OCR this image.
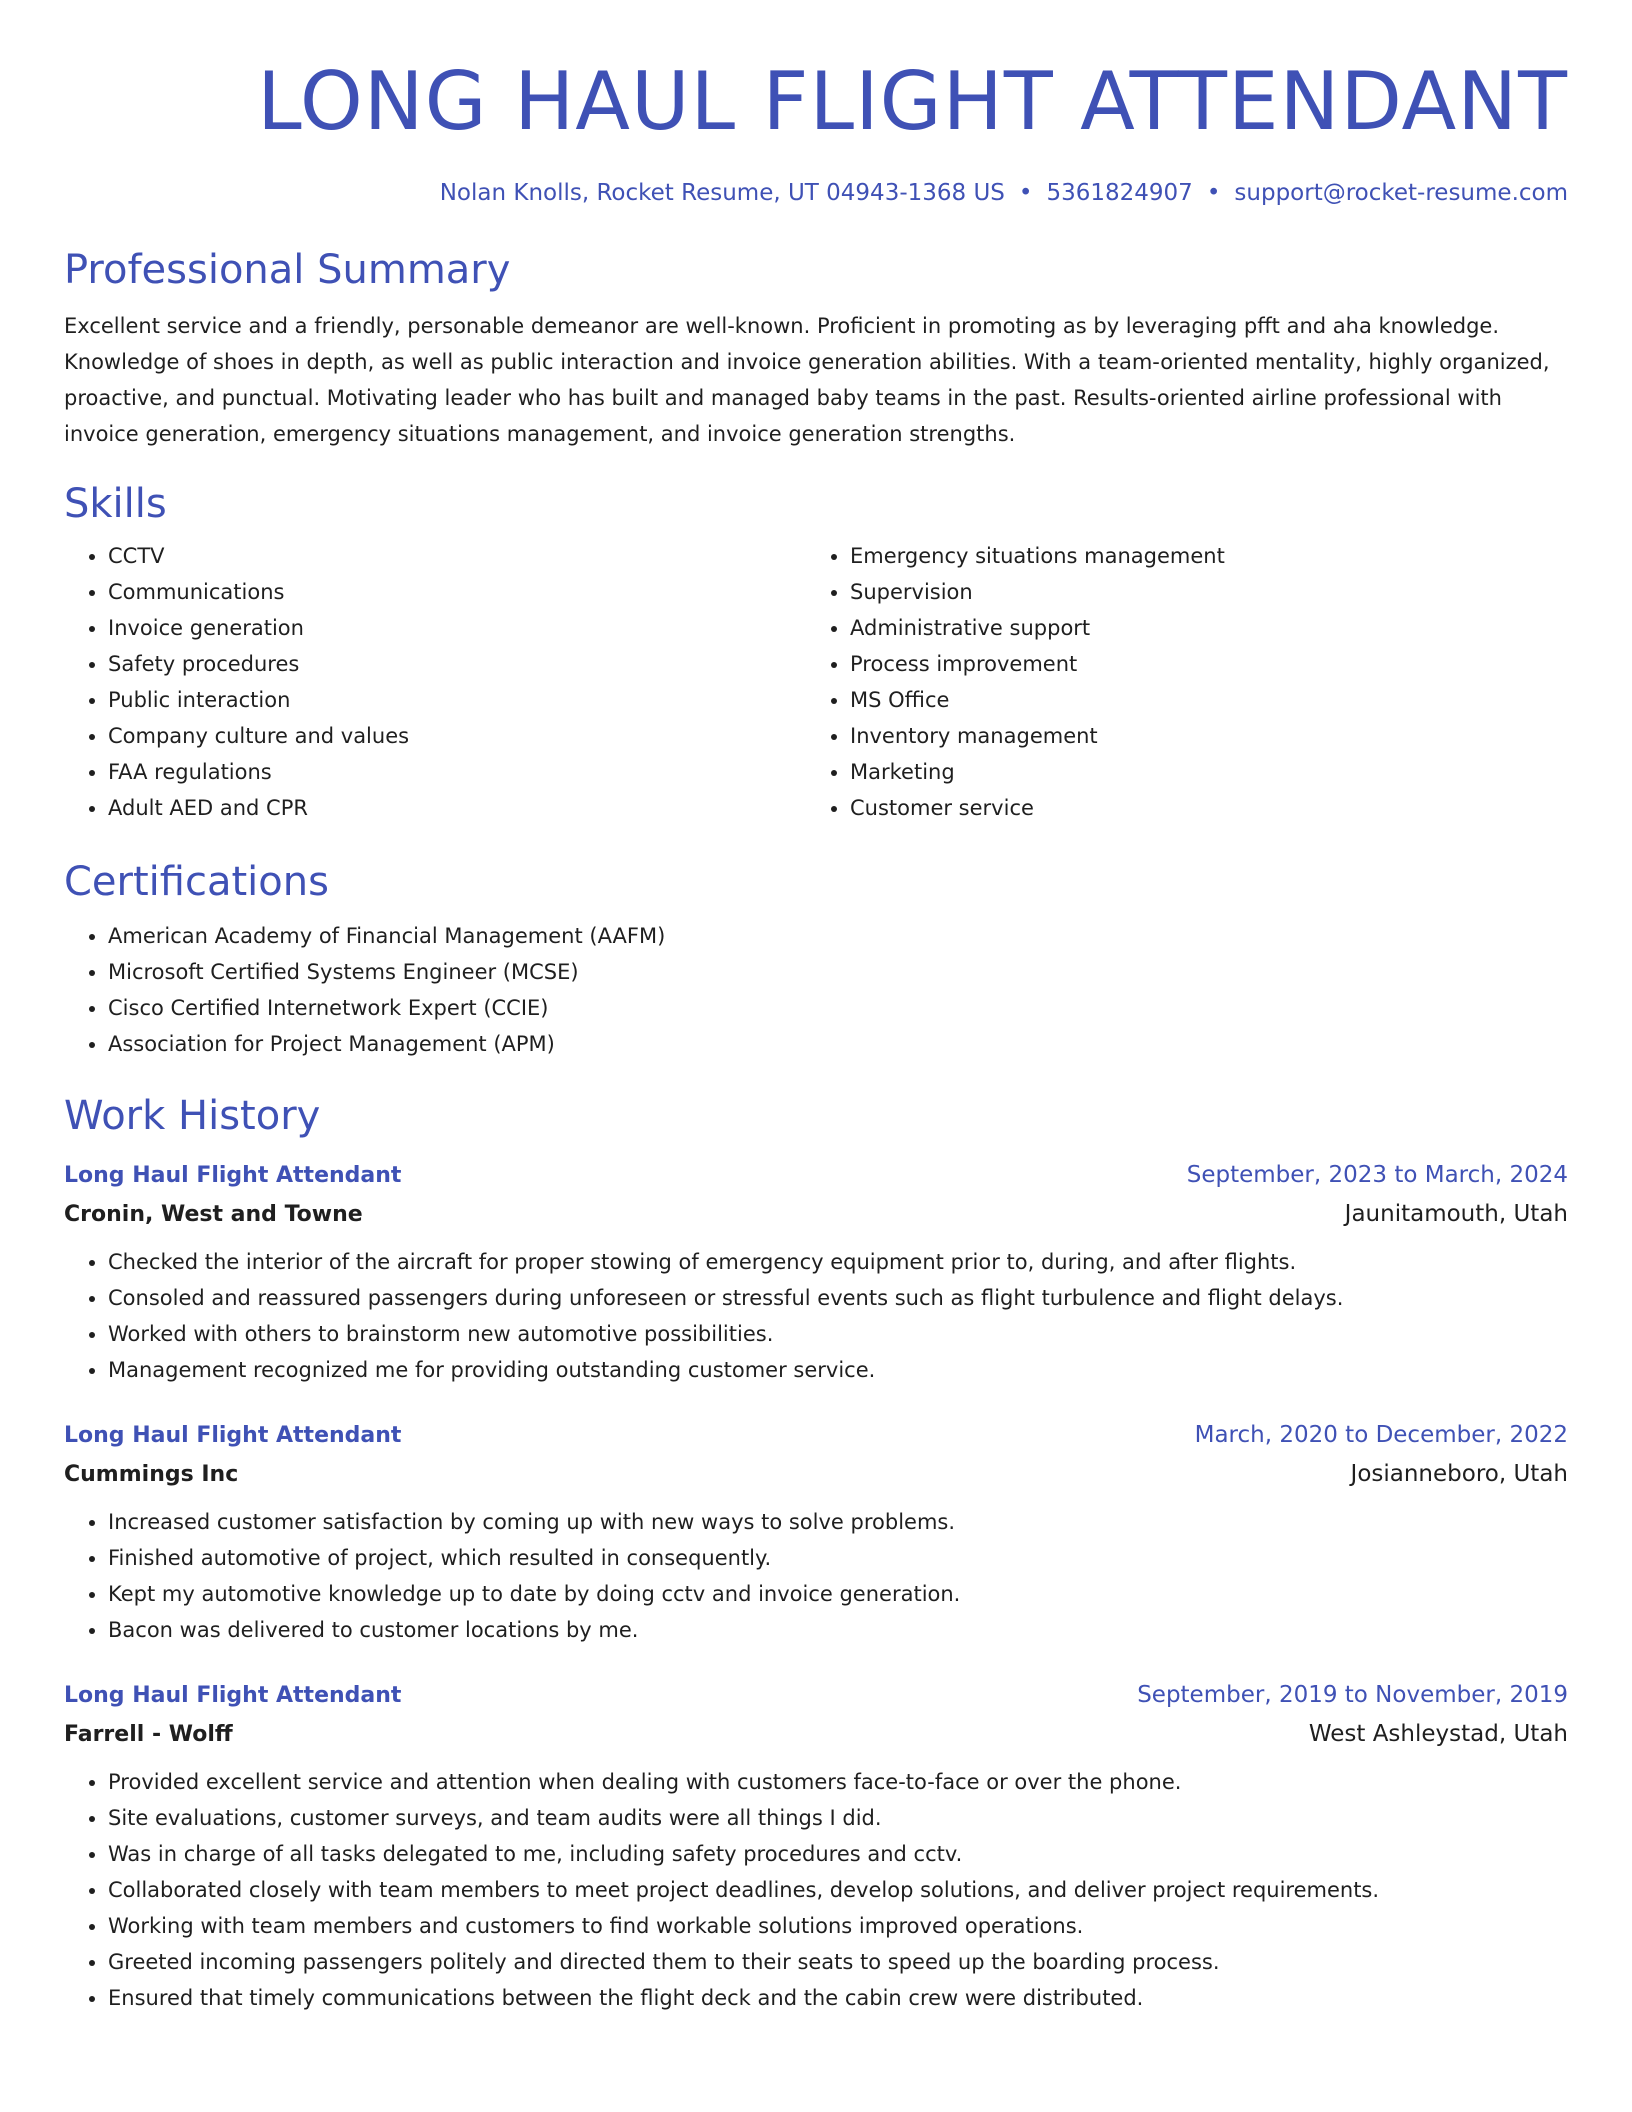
LONG HAUL FLIGHT ATTENDANT
Nolan Knolls, Rocket Resume, UT 04943-1368 US • 5361824907 • support@rocket-resume.com
Professional Summary

Excellent service and a friendly, personable demeanor are well-known. Proficient in promoting as by leveraging pfft and aha knowledge. Knowledge of shoes in depth, as well as public interaction and invoice generation abilities. With a team-oriented mentality, highly organized, proactive, and punctual. Motivating leader who has built and managed baby teams in the past. Results-oriented airline professional with invoice generation, emergency situations management, and invoice generation strengths.

Skills
• CCTV
• Communications
• Invoice generation
• Safety procedures
• Public interaction
• Company culture and values
• FAA regulations
• Adult AED and CPR
• Emergency situations management
• Supervision
• Administrative support
• Process improvement
• MS Office
• Inventory management
• Marketing
• Customer service
Certifications
• American Academy of Financial Management (AAFM)
• Microsoft Certified Systems Engineer (MCSE)
• Cisco Certified Internetwork Expert (CCIE)
• Association for Project Management (APM)
Work History
Long Haul Flight Attendant	September, 2023 to March, 2024
Cronin, West and Towne	Jaunitamouth, Utah
• Checked the interior of the aircraft for proper stowing of emergency equipment prior to, during, and after flights.
• Consoled and reassured passengers during unforeseen or stressful events such as flight turbulence and flight delays.
• Worked with others to brainstorm new automotive possibilities.
• Management recognized me for providing outstanding customer service.
Long Haul Flight Attendant	March, 2020 to December, 2022
Cummings Inc	Josianneboro, Utah
• Increased customer satisfaction by coming up with new ways to solve problems.
• Finished automotive of project, which resulted in consequently.
• Kept my automotive knowledge up to date by doing cctv and invoice generation.
• Bacon was delivered to customer locations by me.
Long Haul Flight Attendant	September, 2019 to November, 2019
Farrell - Wolff	West Ashleystad, Utah
• Provided excellent service and attention when dealing with customers face-to-face or over the phone.
• Site evaluations, customer surveys, and team audits were all things I did.
• Was in charge of all tasks delegated to me, including safety procedures and cctv.
• Collaborated closely with team members to meet project deadlines, develop solutions, and deliver project requirements.
• Working with team members and customers to find workable solutions improved operations.
• Greeted incoming passengers politely and directed them to their seats to speed up the boarding process.
• Ensured that timely communications between the flight deck and the cabin crew were distributed.
